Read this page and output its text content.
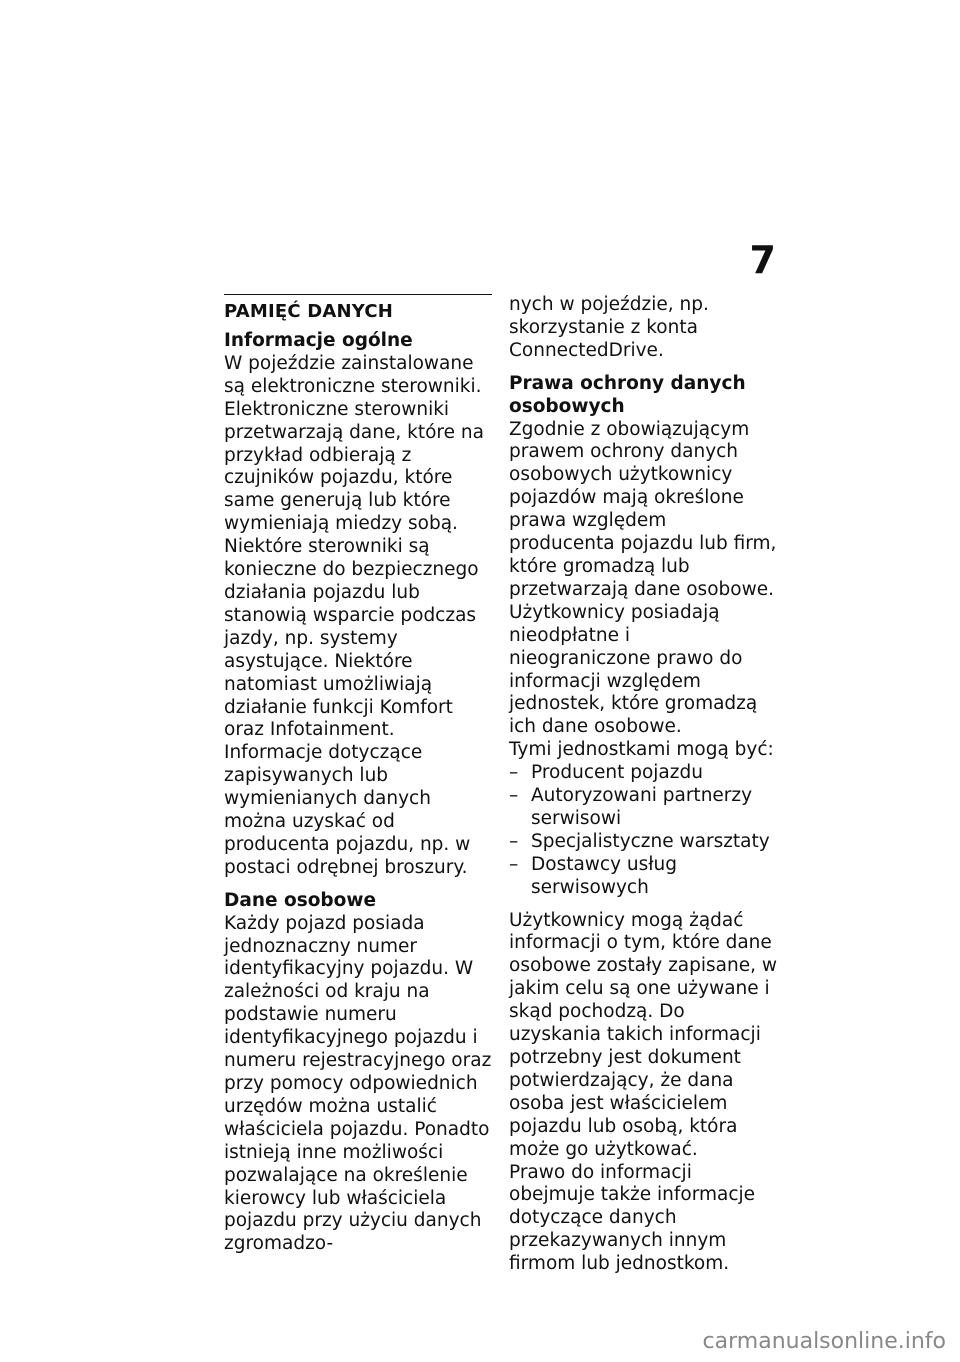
7
PAMIĘĆ DANYCH
Informacje ogólne

W pojeździe zainstalowane są elektroniczne sterowniki. Elektroniczne sterowniki przetwarzają dane, które na przykład odbierają z czujników pojazdu, które same generują lub które wymieniają miedzy sobą. Niektóre sterowniki są konieczne do bezpiecznego działania pojazdu lub stanowią wsparcie podczas jazdy, np. systemy asystujące. Niektóre natomiast umożliwiają działanie funkcji Komfort oraz Infotainment.

Informacje dotyczące zapisywanych lub wymienianych danych można uzyskać od producenta pojazdu, np. w postaci odrębnej broszury.

Dane osobowe

Każdy pojazd posiada jednoznaczny numer identyfikacyjny pojazdu. W zależności od kraju na podstawie numeru identyfikacyjnego pojazdu i numeru rejestracyjnego oraz przy pomocy odpowiednich urzędów można ustalić właściciela pojazdu. Ponadto istnieją inne możliwości pozwalające na określenie kierowcy lub właściciela pojazdu przy użyciu danych zgromadzo-

nych w pojeździe, np. skorzystanie z konta ConnectedDrive.

Prawa ochrony danych osobowych

Zgodnie z obowiązującym prawem ochrony danych osobowych użytkownicy pojazdów mają określone prawa względem producenta pojazdu lub firm, które gromadzą lub przetwarzają dane osobowe.

Użytkownicy posiadają nieodpłatne i nieograniczone prawo do informacji względem jednostek, które gromadzą ich dane osobowe.

Tymi jednostkami mogą być:

– Producent pojazdu
– Autoryzowani partnerzy serwisowi
– Specjalistyczne warsztaty
– Dostawcy usług serwisowych

Użytkownicy mogą żądać informacji o tym, które dane osobowe zostały zapisane, w jakim celu są one używane i skąd pochodzą. Do uzyskania takich informacji potrzebny jest dokument potwierdzający, że dana osoba jest właścicielem pojazdu lub osobą, która może go użytkować.

Prawo do informacji obejmuje także informacje dotyczące danych przekazywanych innym firmom lub jednostkom.

carmanualsonline.info
